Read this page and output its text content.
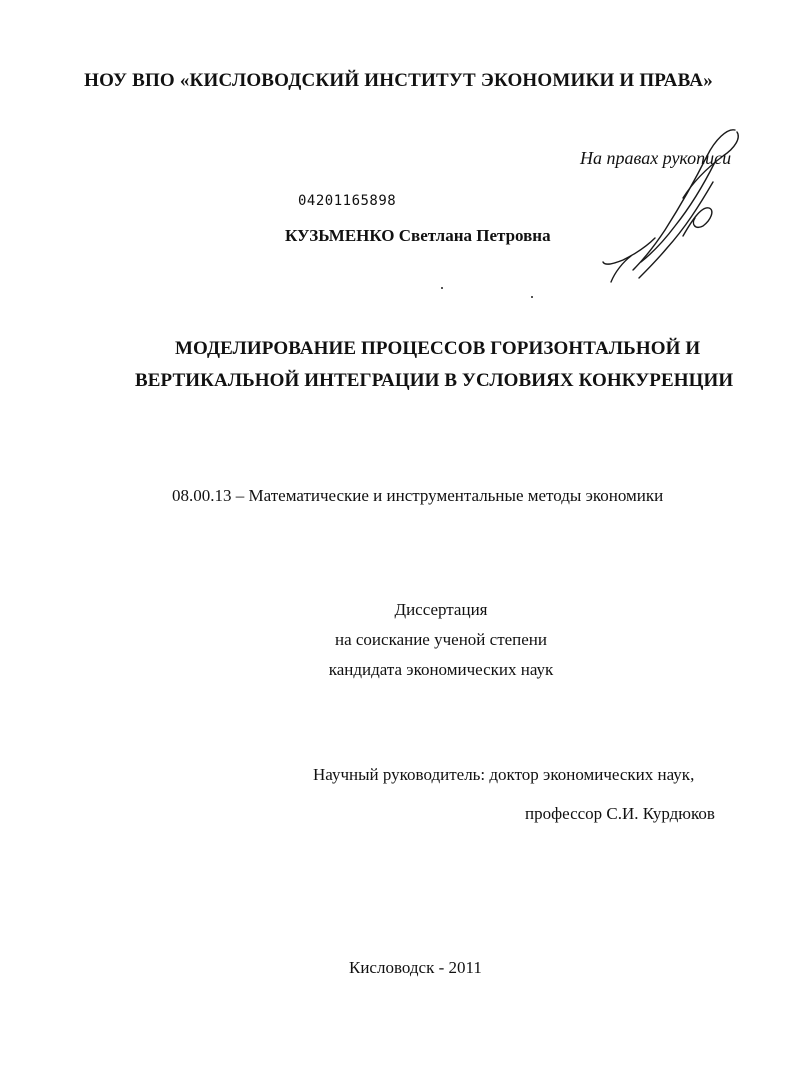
НОУ ВПО «КИСЛОВОДСКИЙ ИНСТИТУТ ЭКОНОМИКИ И ПРАВА»
На правах рукописи
04201165898
КУЗЬМЕНКО Светлана Петровна
МОДЕЛИРОВАНИЕ ПРОЦЕССОВ ГОРИЗОНТАЛЬНОЙ И
ВЕРТИКАЛЬНОЙ ИНТЕГРАЦИИ В УСЛОВИЯХ КОНКУРЕНЦИИ
08.00.13 – Математические и инструментальные методы экономики
Диссертация
на соискание ученой степени
кандидата экономических наук
Научный руководитель: доктор экономических наук,
профессор С.И. Курдюков
Кисловодск - 2011
